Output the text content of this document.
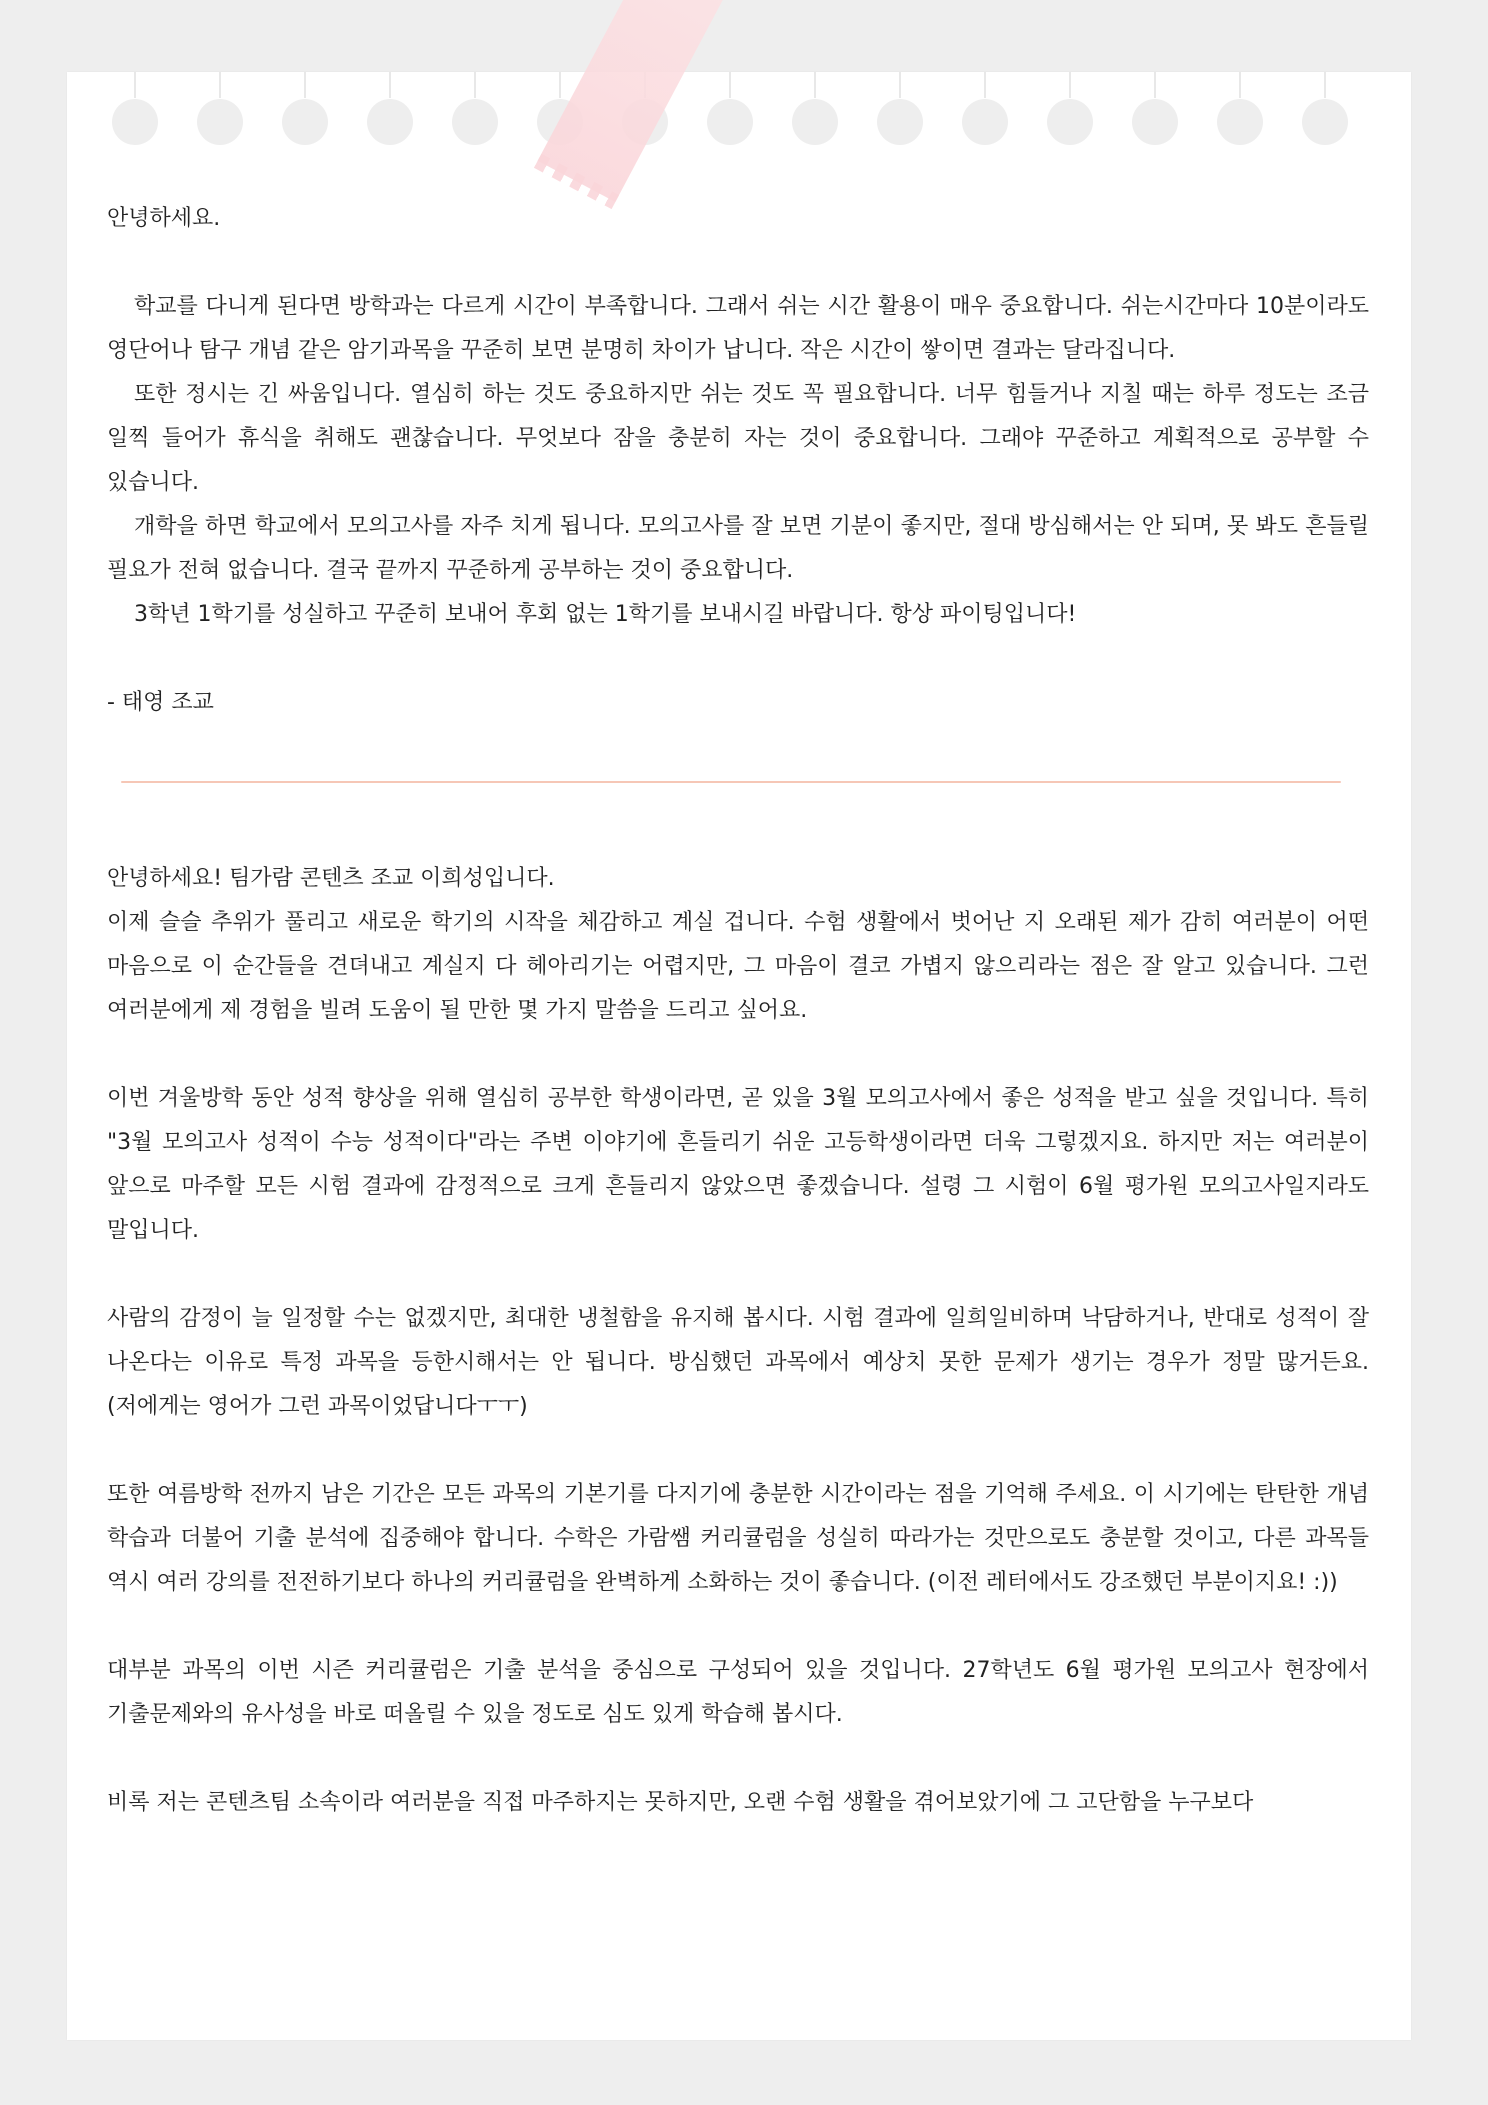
안녕하세요.

학교를 다니게 된다면 방학과는 다르게 시간이 부족합니다. 그래서 쉬는 시간 활용이 매우 중요합니다. 쉬는시간마다 10분이라도 영단어나 탐구 개념 같은 암기과목을 꾸준히 보면 분명히 차이가 납니다. 작은 시간이 쌓이면 결과는 달라집니다.

또한 정시는 긴 싸움입니다. 열심히 하는 것도 중요하지만 쉬는 것도 꼭 필요합니다. 너무 힘들거나 지칠 때는 하루 정도는 조금 일찍 들어가 휴식을 취해도 괜찮습니다. 무엇보다 잠을 충분히 자는 것이 중요합니다. 그래야 꾸준하고 계획적으로 공부할 수 있습니다.

개학을 하면 학교에서 모의고사를 자주 치게 됩니다. 모의고사를 잘 보면 기분이 좋지만, 절대 방심해서는 안 되며, 못 봐도 흔들릴 필요가 전혀 없습니다. 결국 끝까지 꾸준하게 공부하는 것이 중요합니다.

3학년 1학기를 성실하고 꾸준히 보내어 후회 없는 1학기를 보내시길 바랍니다. 항상 파이팅입니다!

- 태영 조교

안녕하세요! 팀가람 콘텐츠 조교 이희성입니다.

이제 슬슬 추위가 풀리고 새로운 학기의 시작을 체감하고 계실 겁니다. 수험 생활에서 벗어난 지 오래된 제가 감히 여러분이 어떤 마음으로 이 순간들을 견뎌내고 계실지 다 헤아리기는 어렵지만, 그 마음이 결코 가볍지 않으리라는 점은 잘 알고 있습니다. 그런 여러분에게 제 경험을 빌려 도움이 될 만한 몇 가지 말씀을 드리고 싶어요.

이번 겨울방학 동안 성적 향상을 위해 열심히 공부한 학생이라면, 곧 있을 3월 모의고사에서 좋은 성적을 받고 싶을 것입니다. 특히 "3월 모의고사 성적이 수능 성적이다"라는 주변 이야기에 흔들리기 쉬운 고등학생이라면 더욱 그렇겠지요. 하지만 저는 여러분이 앞으로 마주할 모든 시험 결과에 감정적으로 크게 흔들리지 않았으면 좋겠습니다. 설령 그 시험이 6월 평가원 모의고사일지라도 말입니다.

사람의 감정이 늘 일정할 수는 없겠지만, 최대한 냉철함을 유지해 봅시다. 시험 결과에 일희일비하며 낙담하거나, 반대로 성적이 잘 나온다는 이유로 특정 과목을 등한시해서는 안 됩니다. 방심했던 과목에서 예상치 못한 문제가 생기는 경우가 정말 많거든요. (저에게는 영어가 그런 과목이었답니다ㅜㅜ)

또한 여름방학 전까지 남은 기간은 모든 과목의 기본기를 다지기에 충분한 시간이라는 점을 기억해 주세요. 이 시기에는 탄탄한 개념 학습과 더불어 기출 분석에 집중해야 합니다. 수학은 가람쌤 커리큘럼을 성실히 따라가는 것만으로도 충분할 것이고, 다른 과목들 역시 여러 강의를 전전하기보다 하나의 커리큘럼을 완벽하게 소화하는 것이 좋습니다. (이전 레터에서도 강조했던 부분이지요! :))

대부분 과목의 이번 시즌 커리큘럼은 기출 분석을 중심으로 구성되어 있을 것입니다. 27학년도 6월 평가원 모의고사 현장에서 기출문제와의 유사성을 바로 떠올릴 수 있을 정도로 심도 있게 학습해 봅시다.

비록 저는 콘텐츠팀 소속이라 여러분을 직접 마주하지는 못하지만, 오랜 수험 생활을 겪어보았기에 그 고단함을 누구보다
